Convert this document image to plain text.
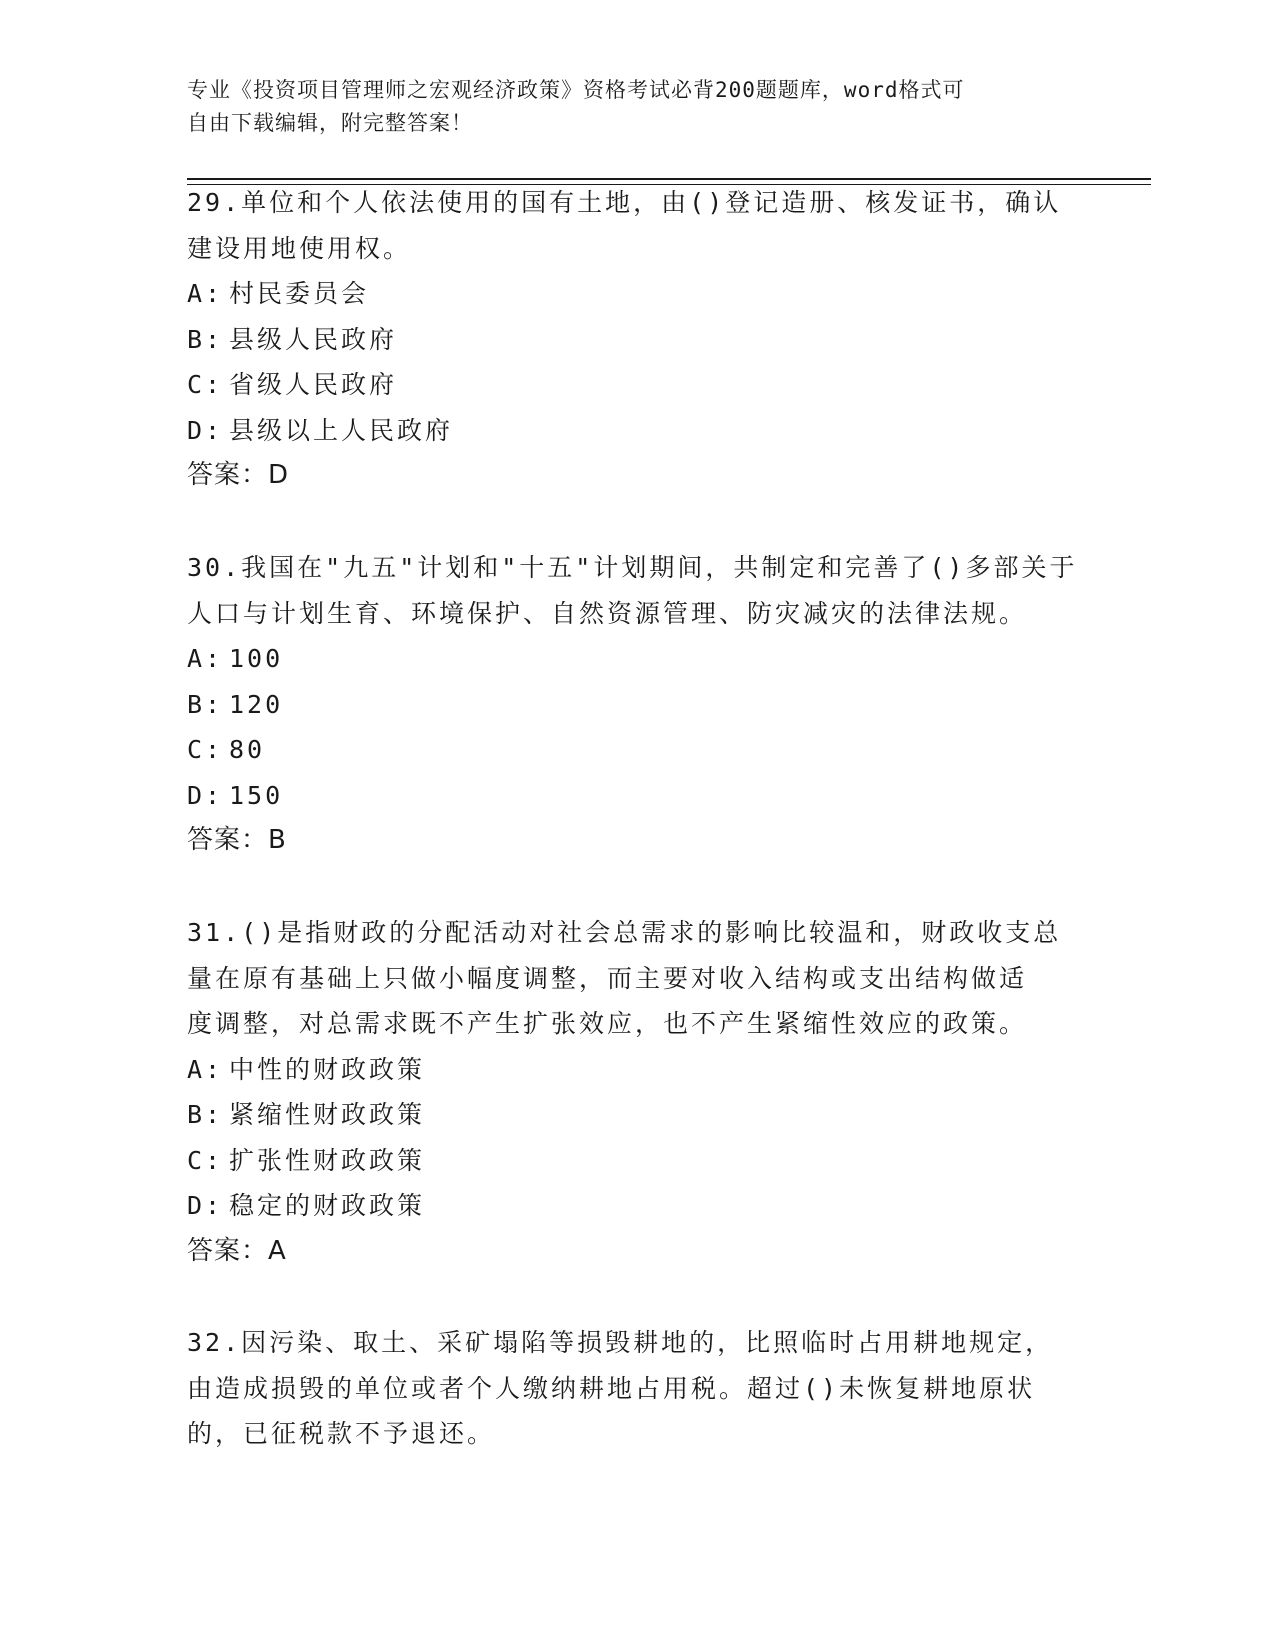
专业《投资项目管理师之宏观经济政策》资格考试必背200题题库，word格式可
自由下载编辑，附完整答案！

29.单位和个人依法使用的国有土地，由()登记造册、核发证书，确认

建设用地使用权。

A: 村民委员会

B: 县级人民政府

C: 省级人民政府

D: 县级以上人民政府

答案：D

30.我国在"九五"计划和"十五"计划期间，共制定和完善了()多部关于

人口与计划生育、环境保护、自然资源管理、防灾减灾的法律法规。

A: 100

B: 120

C: 80

D: 150

答案：B

31.()是指财政的分配活动对社会总需求的影响比较温和，财政收支总

量在原有基础上只做小幅度调整，而主要对收入结构或支出结构做适

度调整，对总需求既不产生扩张效应，也不产生紧缩性效应的政策。

A: 中性的财政政策

B: 紧缩性财政政策

C: 扩张性财政政策

D: 稳定的财政政策

答案：A

32.因污染、取土、采矿塌陷等损毁耕地的，比照临时占用耕地规定，

由造成损毁的单位或者个人缴纳耕地占用税。超过()未恢复耕地原状

的，已征税款不予退还。
